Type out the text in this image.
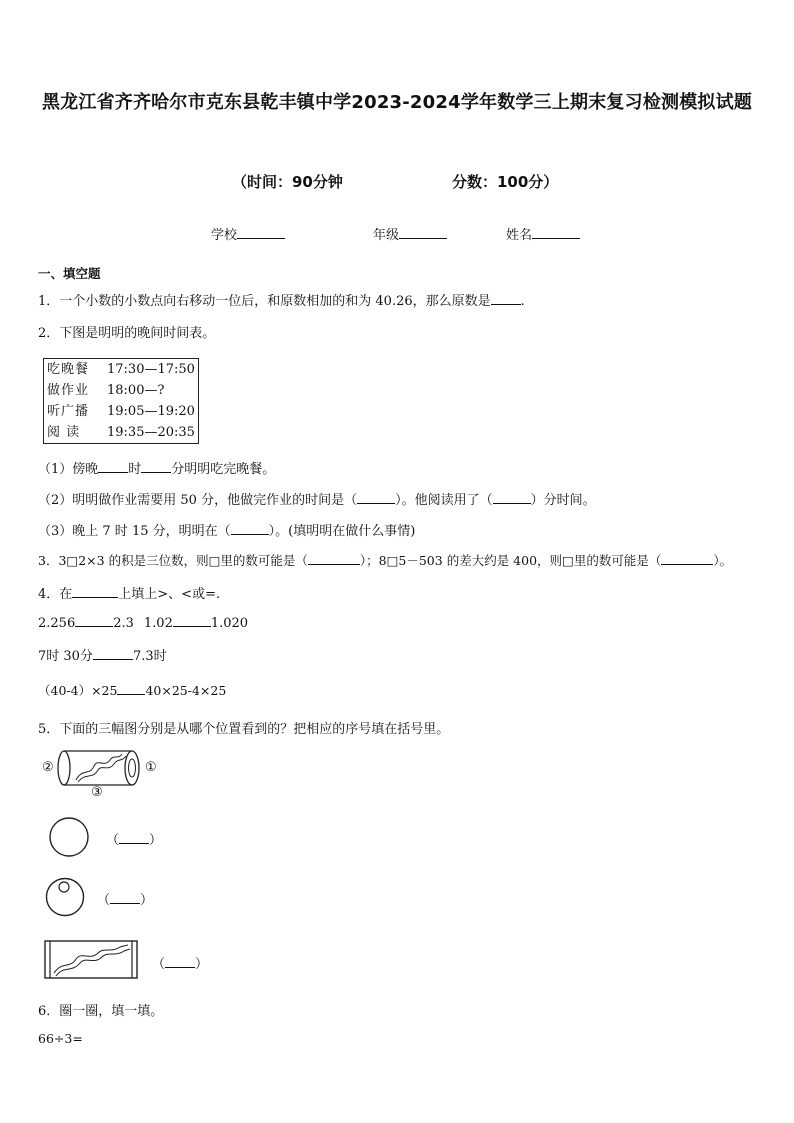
黑龙江省齐齐哈尔市克东县乾丰镇中学2023-2024学年数学三上期末复习检测模拟试题
（时间：90分钟	分数：100分）
学校	年级	姓名
一、填空题
1．一个小数的小数点向右移动一位后，和原数相加的和为 40.26，那么原数是 .
2．下图是明明的晚间时间表。
吃晚餐	17:30—17:50
做作业	18:00—?
听广播	19:05—19:20
阅 读	19:35—20:35
（1）傍晚 时 分明明吃完晚餐。
（2）明明做作业需要用 50 分，他做完作业的时间是（	）。他阅读用了（	）分时间。
（3）晚上 7 时 15 分，明明在（	）。(填明明在做什么事情)
3．3□2×3 的积是三位数，则□里的数可能是（	）；8□5－503 的差大约是 400，则□里的数可能是（	）。
4．在	上填上>、<或=.
2.256	2.3 1.02	1.020
7时 30分	7.3时
（40-4）×25 40×25-4×25
5．下面的三幅图分别是从哪个位置看到的？把相应的序号填在括号里。
②	①
③
（ ）
（ ）
（ ）
6．圈一圈，填一填。
66÷3=
